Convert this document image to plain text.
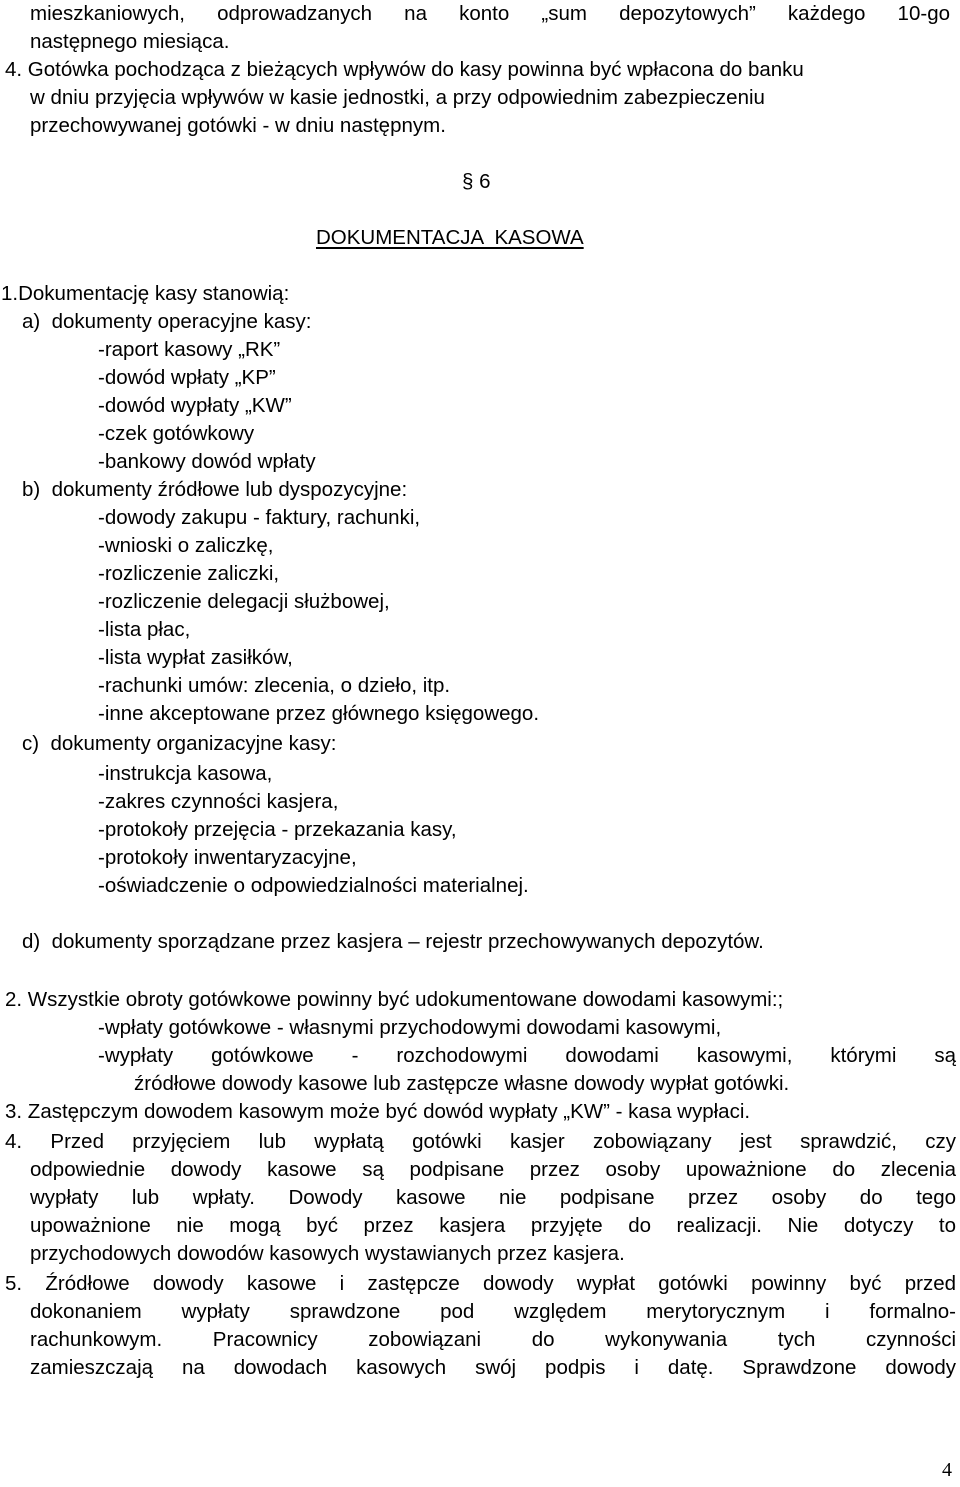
mieszkaniowych, odprowadzanych na konto „sum depozytowych” każdego 10-go
następnego miesiąca.
4. Gotówka pochodząca z bieżących wpływów do kasy powinna być wpłacona do banku
w dniu przyjęcia wpływów w kasie jednostki, a przy odpowiednim zabezpieczeniu
przechowywanej gotówki - w dniu następnym.
§ 6
DOKUMENTACJA  KASOWA
1.Dokumentację kasy stanowią:
a)  dokumenty operacyjne kasy:
-raport kasowy „RK”
-dowód wpłaty „KP”
-dowód wypłaty „KW”
-czek gotówkowy
-bankowy dowód wpłaty
b)  dokumenty źródłowe lub dyspozycyjne:
-dowody zakupu - faktury, rachunki,
-wnioski o zaliczkę,
-rozliczenie zaliczki,
-rozliczenie delegacji służbowej,
-lista płac,
-lista wypłat zasiłków,
-rachunki umów: zlecenia, o dzieło, itp.
-inne akceptowane przez głównego księgowego.
c)  dokumenty organizacyjne kasy:
-instrukcja kasowa,
-zakres czynności kasjera,
-protokoły przejęcia - przekazania kasy,
-protokoły inwentaryzacyjne,
-oświadczenie o odpowiedzialności materialnej.
d)  dokumenty sporządzane przez kasjera – rejestr przechowywanych depozytów.
2. Wszystkie obroty gotówkowe powinny być udokumentowane dowodami kasowymi:;
-wpłaty gotówkowe - własnymi przychodowymi dowodami kasowymi,
-wypłaty gotówkowe - rozchodowymi dowodami kasowymi, którymi są
źródłowe dowody kasowe lub zastępcze własne dowody wypłat gotówki.
3. Zastępczym dowodem kasowym może być dowód wypłaty „KW” - kasa wypłaci.
4. Przed przyjęciem lub wypłatą gotówki kasjer zobowiązany jest sprawdzić, czy
odpowiednie dowody kasowe są podpisane przez osoby upoważnione do zlecenia
wypłaty lub wpłaty. Dowody kasowe nie podpisane przez osoby do tego
upoważnione nie mogą być przez kasjera przyjęte do realizacji. Nie dotyczy to
przychodowych dowodów kasowych wystawianych przez kasjera.
5. Źródłowe dowody kasowe i zastępcze dowody wypłat gotówki powinny być przed
dokonaniem wypłaty sprawdzone pod względem merytorycznym i formalno-
rachunkowym. Pracownicy zobowiązani do wykonywania tych czynności
zamieszczają na dowodach kasowych swój podpis i datę. Sprawdzone dowody
4
